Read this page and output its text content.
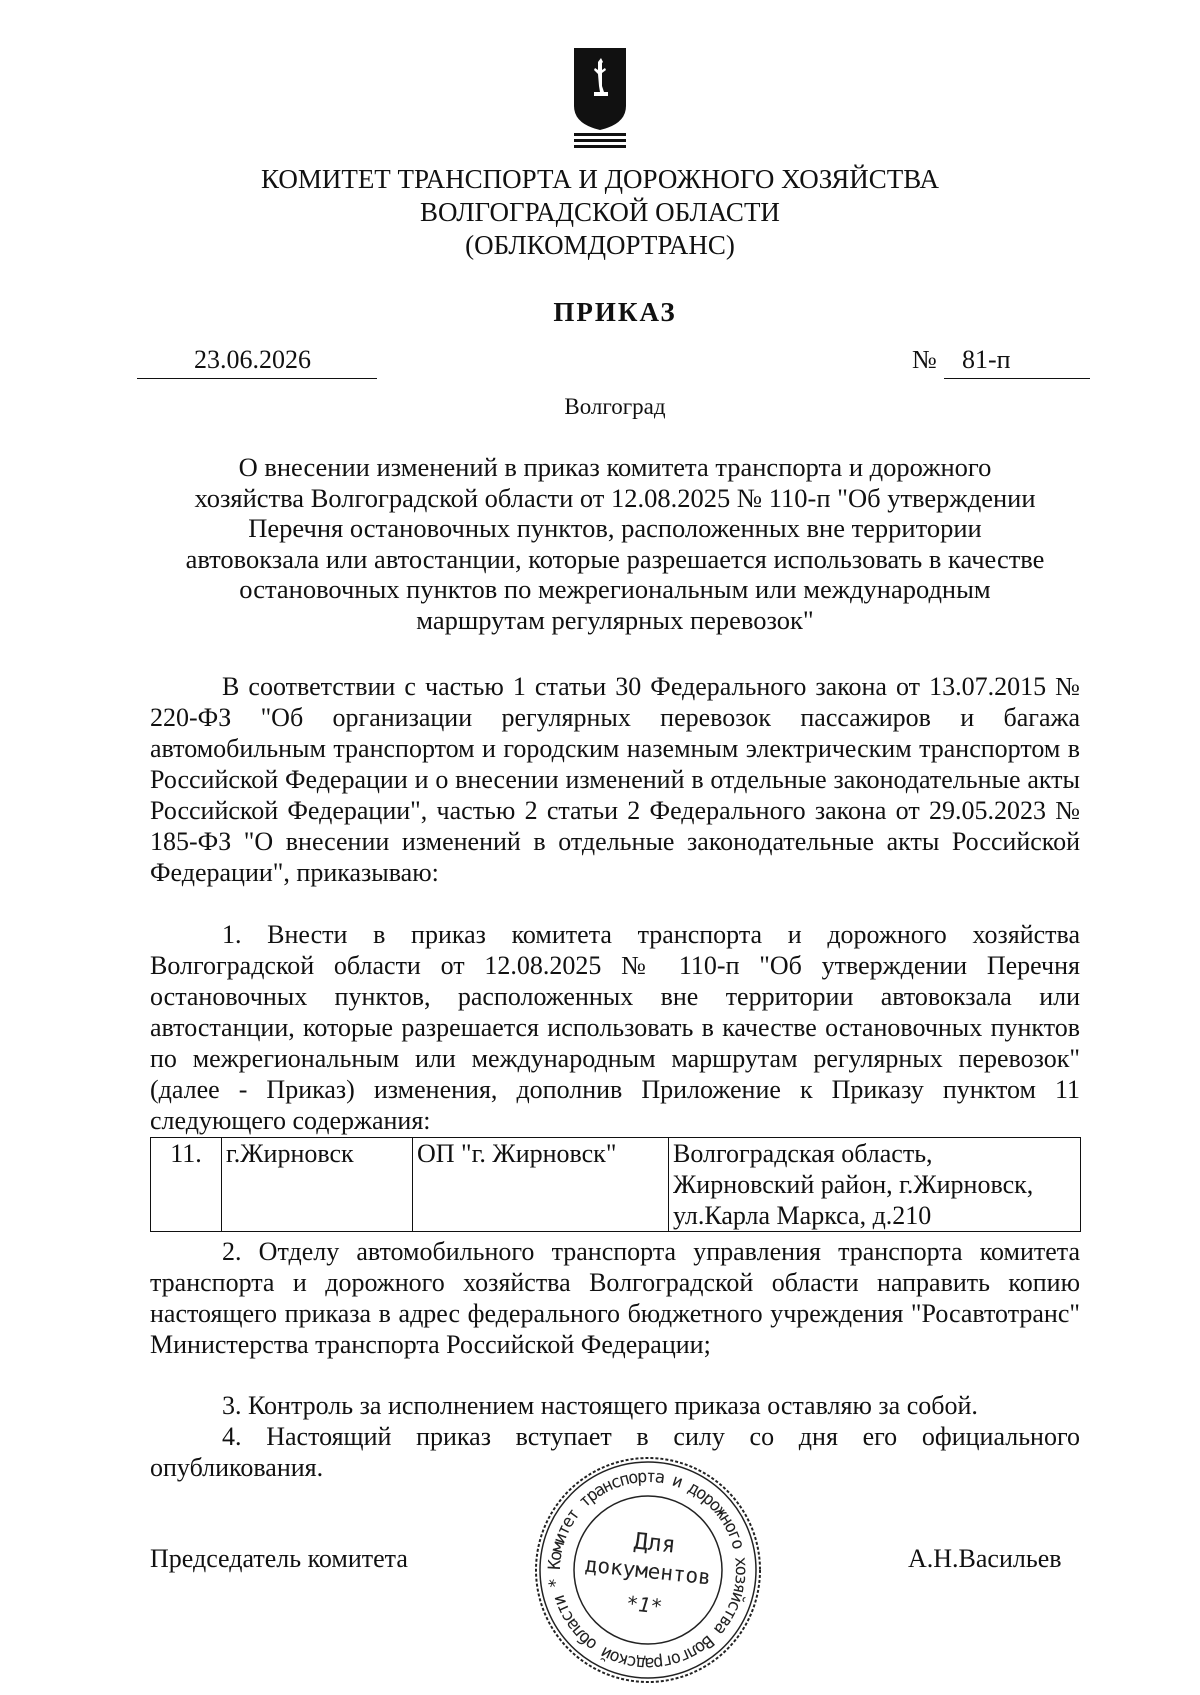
КОМИТЕТ ТРАНСПОРТА И ДОРОЖНОГО ХОЗЯЙСТВА
ВОЛГОГРАДСКОЙ ОБЛАСТИ
(ОБЛКОМДОРТРАНС)
ПРИКАЗ
23.06.2026	№ 81-п
Волгоград
О внесении изменений в приказ комитета транспорта и дорожного
хозяйства Волгоградской области от 12.08.2025 № 110-п "Об утверждении
Перечня остановочных пунктов, расположенных вне территории
автовокзала или автостанции, которые разрешается использовать в качестве
остановочных пунктов по межрегиональным или международным
маршрутам регулярных перевозок"
В соответствии с частью 1 статьи 30 Федерального закона от 13.07.2015 № 220-ФЗ "Об организации регулярных перевозок пассажиров и багажа автомобильным транспортом и городским наземным электрическим транспортом в Российской Федерации и о внесении изменений в отдельные законодательные акты Российской Федерации", частью 2 статьи 2 Федерального закона от 29.05.2023 № 185-ФЗ "О внесении изменений в отдельные законодательные акты Российской Федерации", приказываю:
1. Внести в приказ комитета транспорта и дорожного хозяйства Волгоградской области от 12.08.2025 № 110-п "Об утверждении Перечня остановочных пунктов, расположенных вне территории автовокзала или автостанции, которые разрешается использовать в качестве остановочных пунктов по межрегиональным или международным маршрутам регулярных перевозок" (далее - Приказ) изменения, дополнив Приложение к Приказу пунктом 11 следующего содержания:
11.	г.Жирновск	ОП "г. Жирновск"	Волгоградская область,
Жирновский район, г.Жирновск,
ул.Карла Маркса, д.210
2. Отделу автомобильного транспорта управления транспорта комитета транспорта и дорожного хозяйства Волгоградской области направить копию настоящего приказа в адрес федерального бюджетного учреждения "Росавтотранс" Министерства транспорта Российской Федерации;
3. Контроль за исполнением настоящего приказа оставляю за собой.
4. Настоящий приказ вступает в силу со дня его официального опубликования.
Председатель комитета	А.Н.Васильев
Комитет транспорта и дорожного хозяйства Волгоградской области *
Для
документов
*1*
